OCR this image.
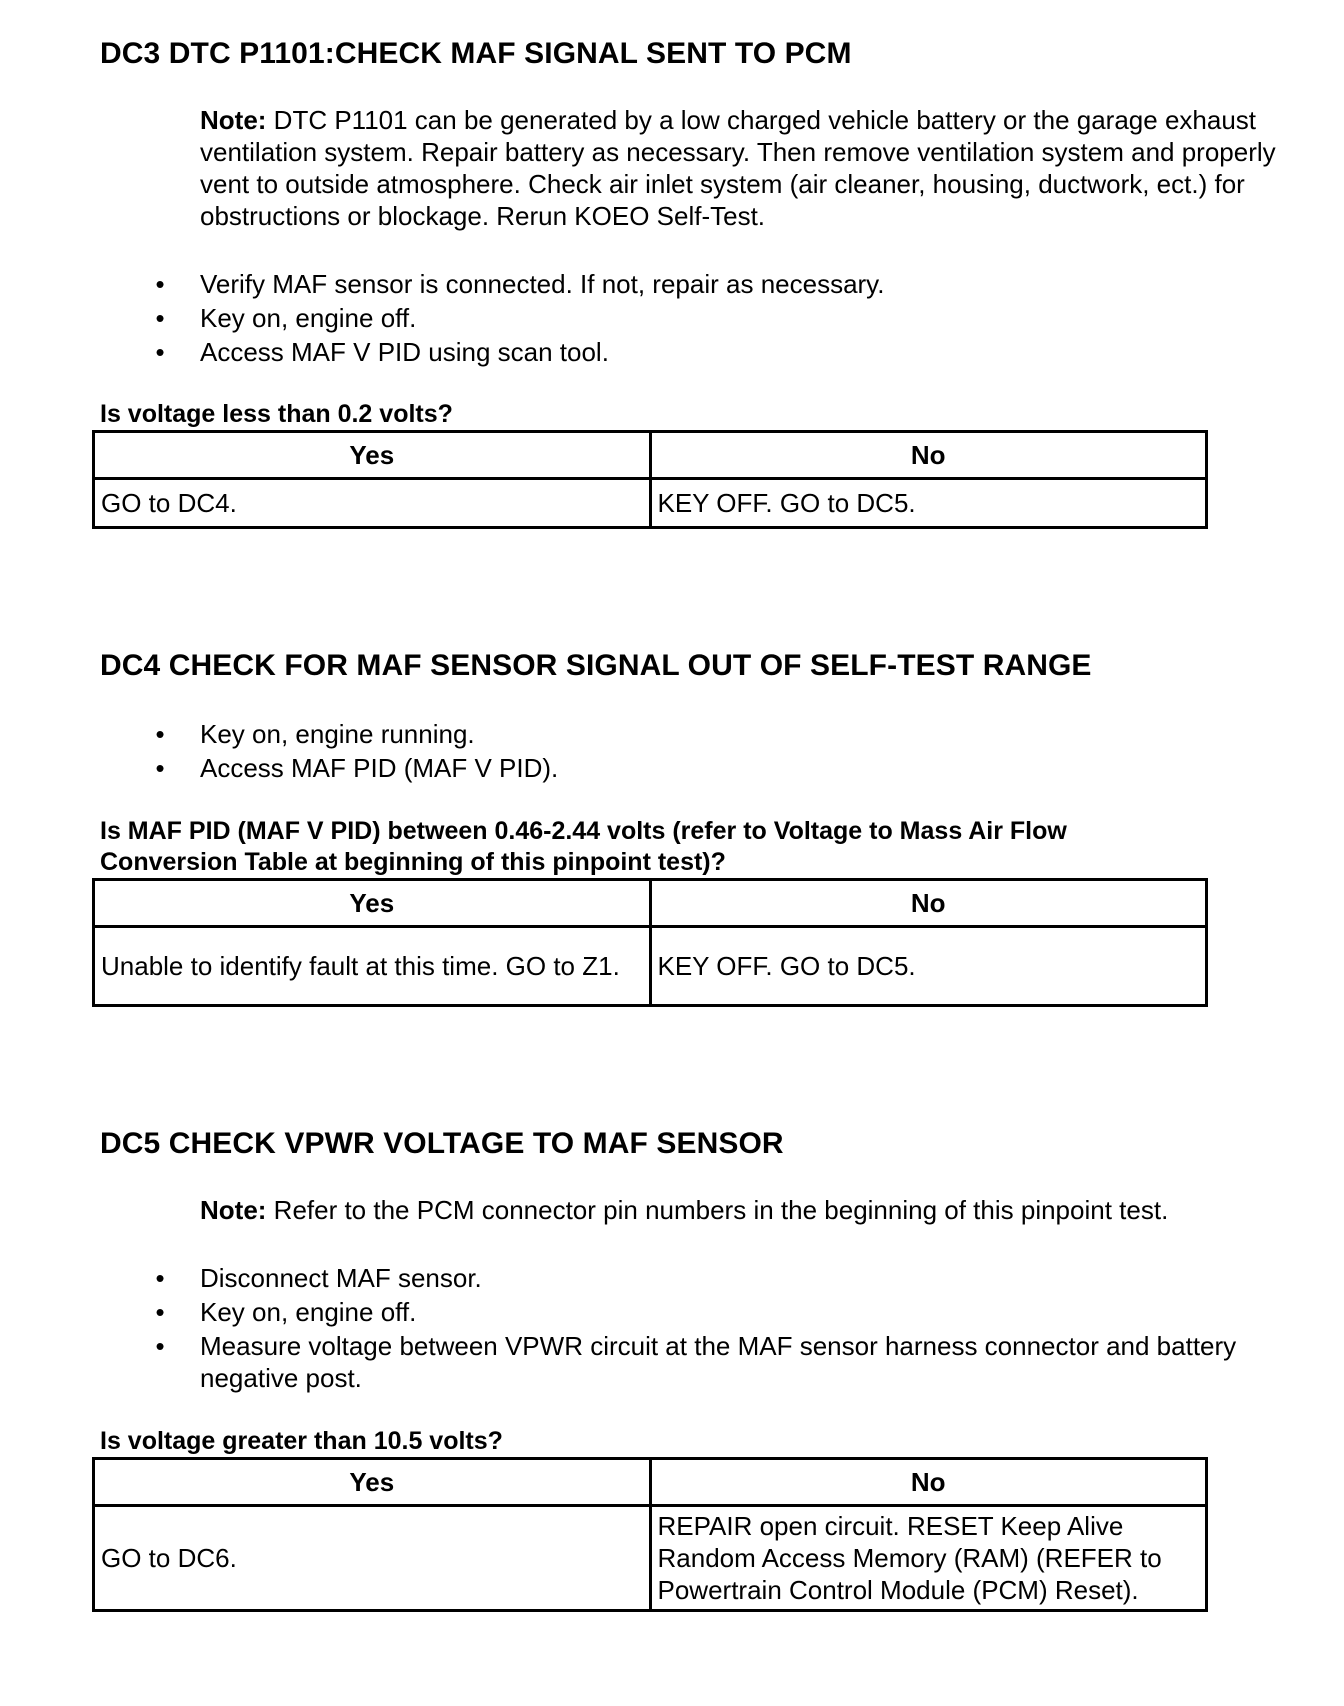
DC3 DTC P1101:CHECK MAF SIGNAL SENT TO PCM

Note: DTC P1101 can be generated by a low charged vehicle battery or the garage exhaust ventilation system. Repair battery as necessary. Then remove ventilation system and properly vent to outside atmosphere. Check air inlet system (air cleaner, housing, ductwork, ect.) for obstructions or blockage. Rerun KOEO Self-Test.

• Verify MAF sensor is connected. If not, repair as necessary.
• Key on, engine off.
• Access MAF V PID using scan tool.

Is voltage less than 0.2 volts?

Yes	No
GO to DC4.	KEY OFF. GO to DC5.
DC4 CHECK FOR MAF SENSOR SIGNAL OUT OF SELF-TEST RANGE
• Key on, engine running.
• Access MAF PID (MAF V PID).

Is MAF PID (MAF V PID) between 0.46-2.44 volts (refer to Voltage to Mass Air Flow Conversion Table at beginning of this pinpoint test)?

Yes	No
Unable to identify fault at this time. GO to Z1.	KEY OFF. GO to DC5.
DC5 CHECK VPWR VOLTAGE TO MAF SENSOR

Note: Refer to the PCM connector pin numbers in the beginning of this pinpoint test.

• Disconnect MAF sensor.
• Key on, engine off.
• Measure voltage between VPWR circuit at the MAF sensor harness connector and battery negative post.

Is voltage greater than 10.5 volts?

Yes	No
GO to DC6.	REPAIR open circuit. RESET Keep Alive Random Access Memory (RAM) (REFER to Powertrain Control Module (PCM) Reset).
